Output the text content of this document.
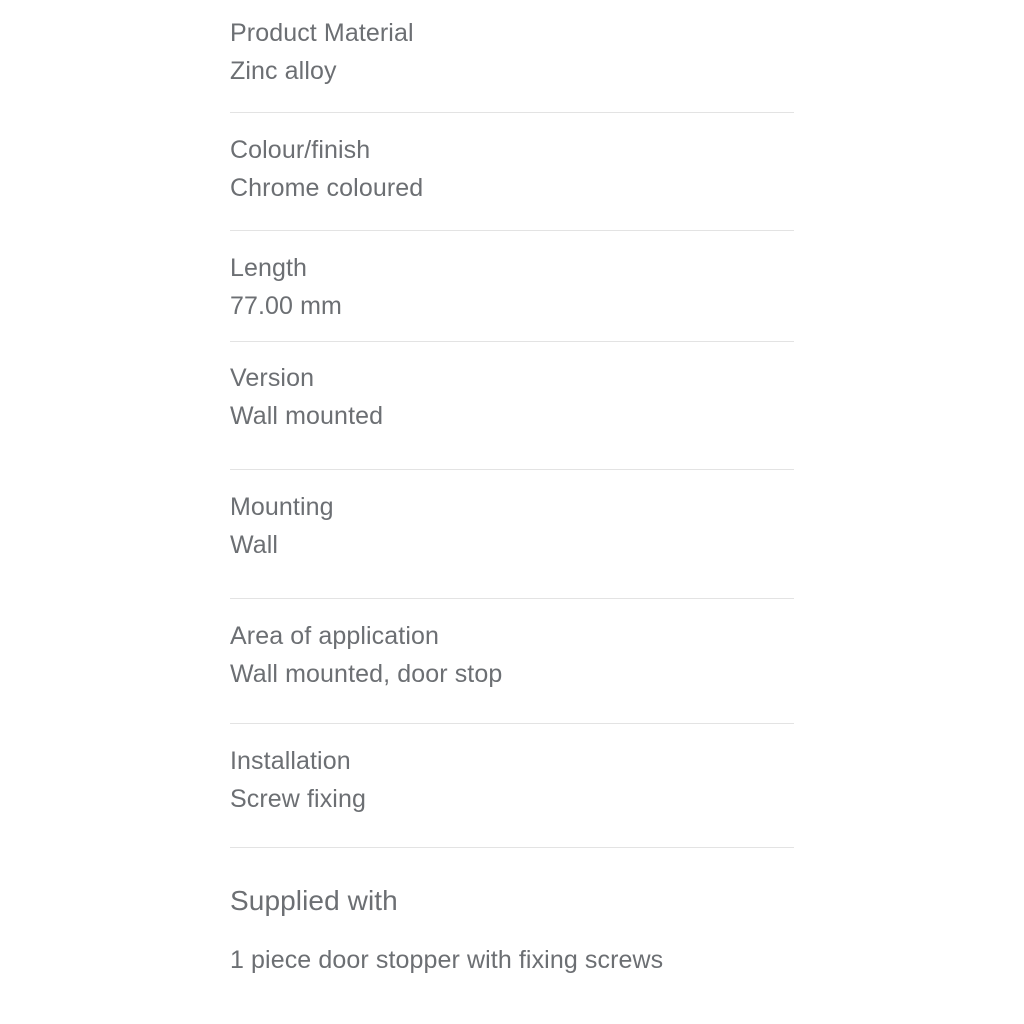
Product Material
Zinc alloy
Colour/finish
Chrome coloured
Length
77.00 mm
Version
Wall mounted
Mounting
Wall
Area of application
Wall mounted, door stop
Installation
Screw fixing
Supplied with
1 piece door stopper with fixing screws
